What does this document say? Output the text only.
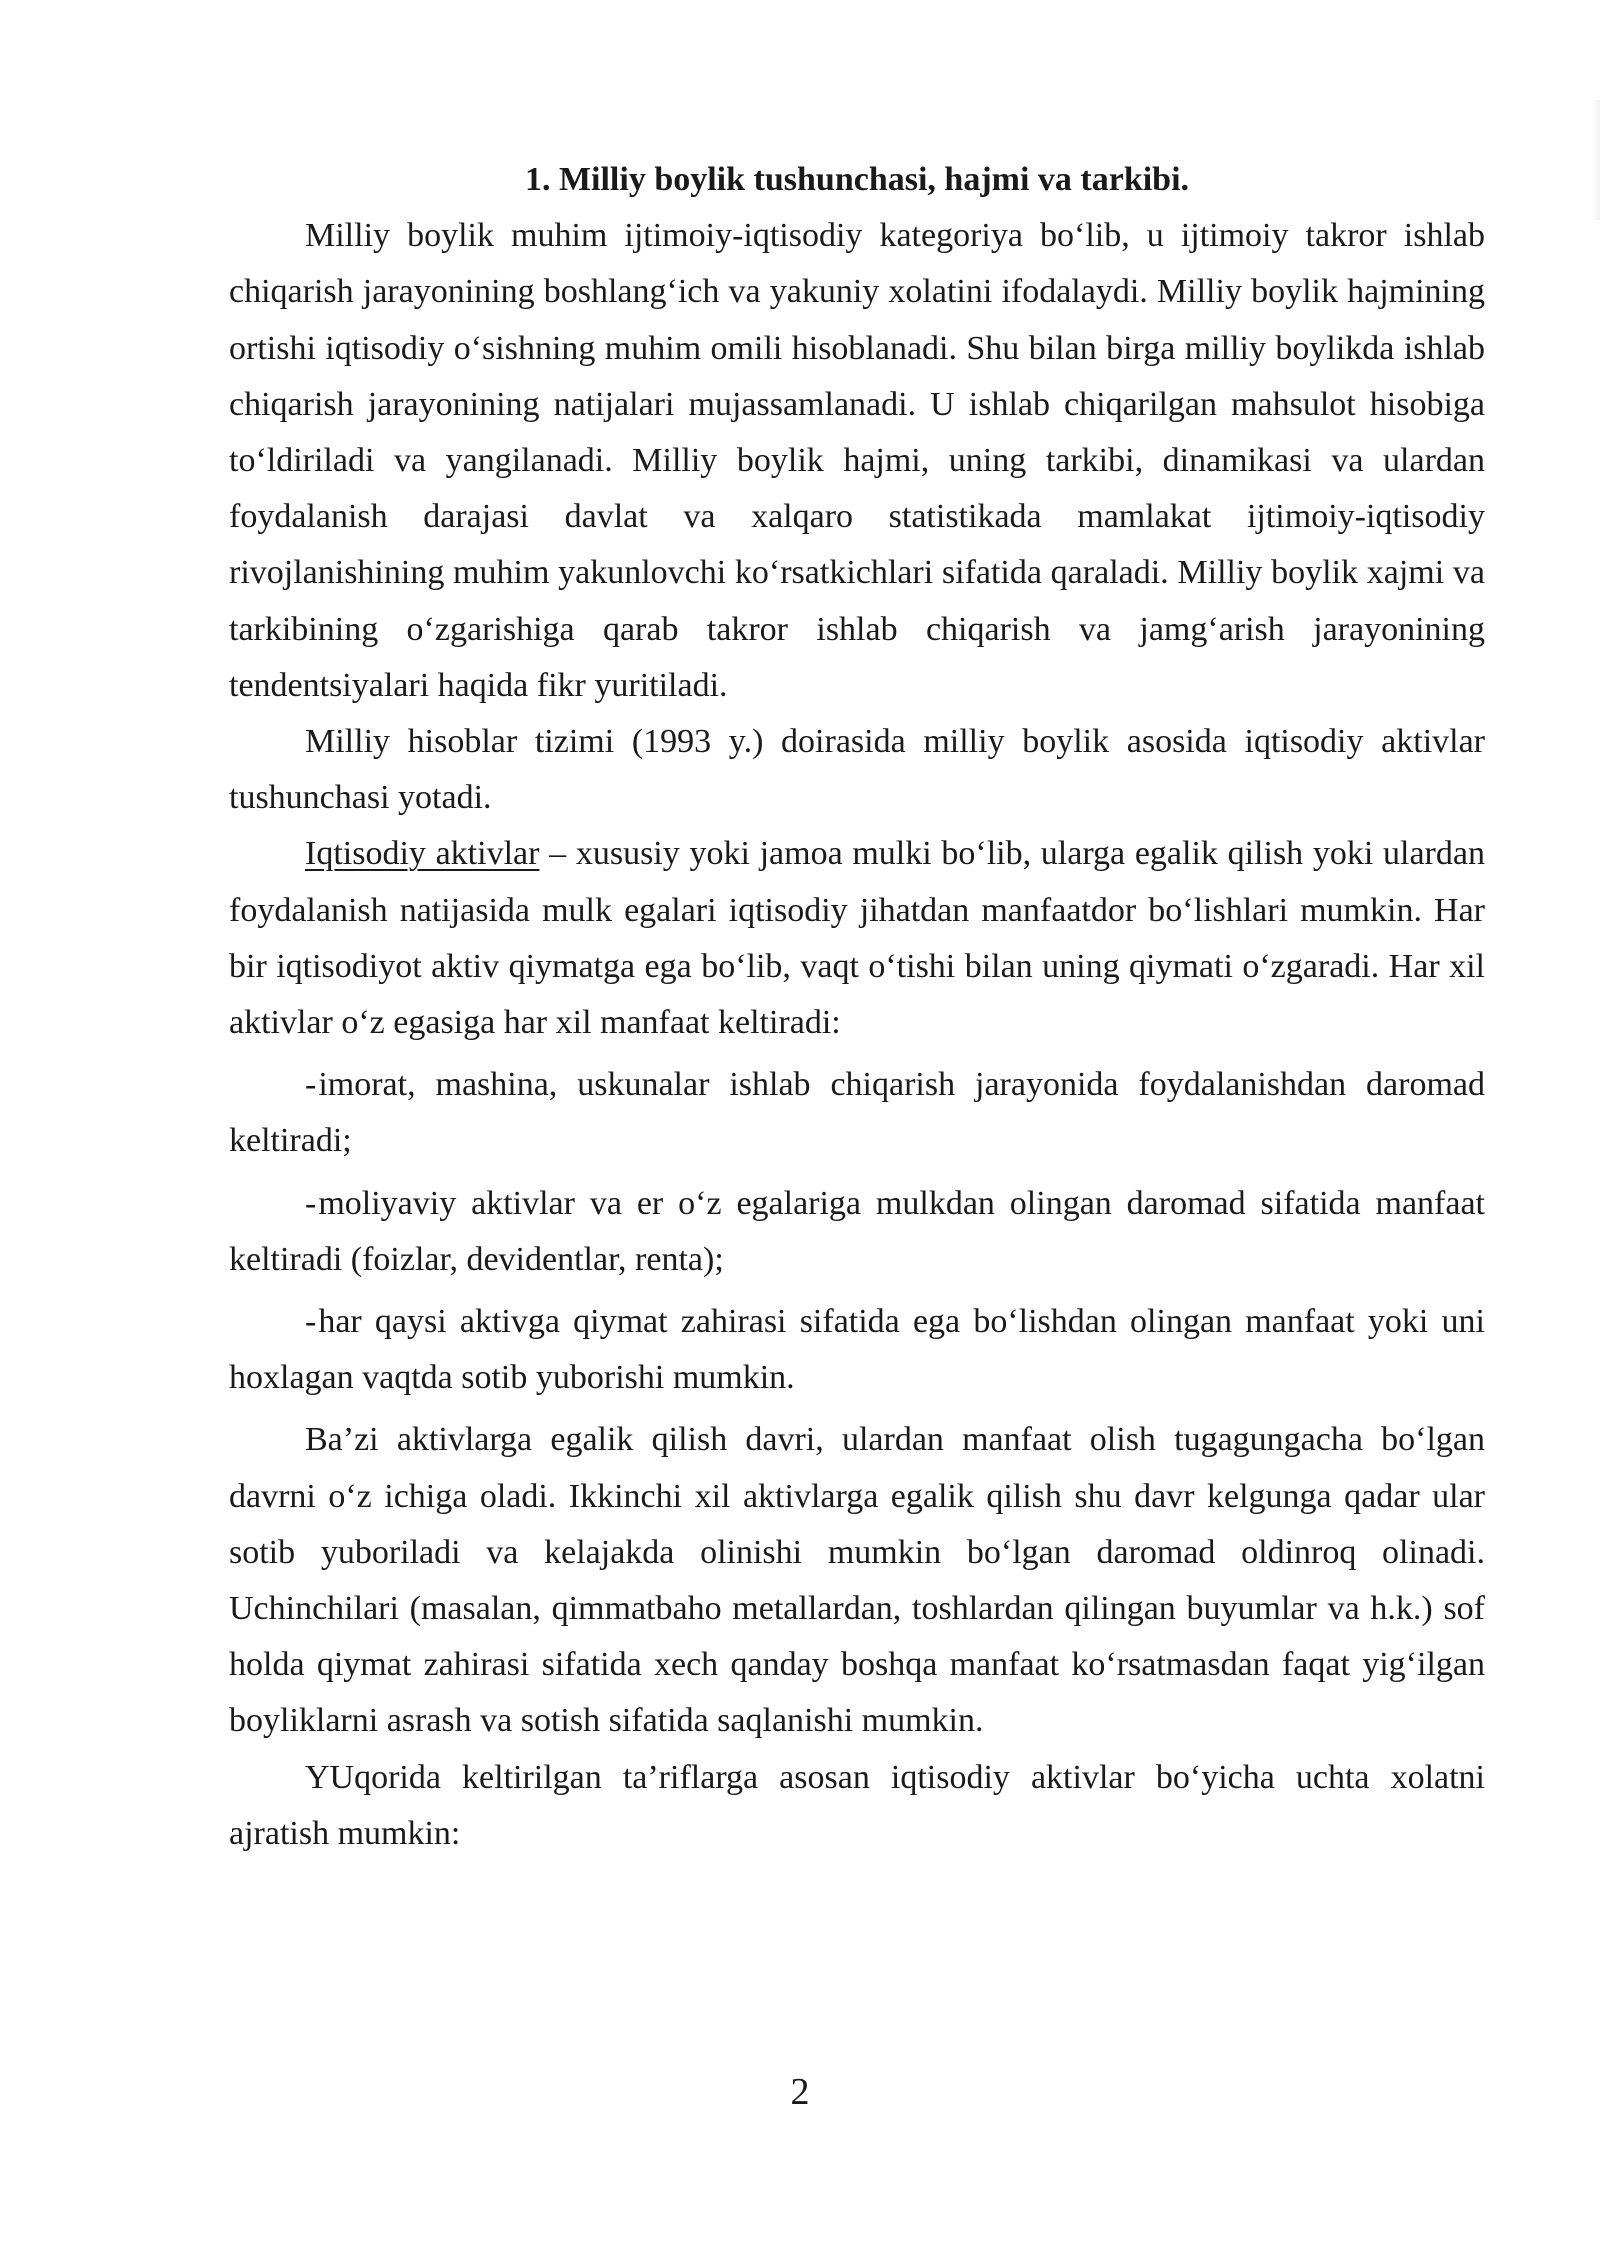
1. Milliy boylik tushunchasi, hajmi va tarkibi.

Milliy boylik muhim ijtimoiy-iqtisodiy kategoriya bo‘lib, u ijtimoiy takror ishlab chiqarish jarayonining boshlang‘ich va yakuniy xolatini ifodalaydi. Milliy boylik hajmining ortishi iqtisodiy o‘sishning muhim omili hisoblanadi. Shu bilan birga milliy boylikda ishlab chiqarish jarayonining natijalari mujassamlanadi. U ishlab chiqarilgan mahsulot hisobiga to‘ldiriladi va yangilanadi. Milliy boylik hajmi, uning tarkibi, dinamikasi va ulardan foydalanish darajasi davlat va xalqaro statistikada mamlakat ijtimoiy-iqtisodiy rivojlanishining muhim yakunlovchi ko‘rsatkichlari sifatida qaraladi. Milliy boylik xajmi va tarkibining o‘zgarishiga qarab takror ishlab chiqarish va jamg‘arish jarayonining tendentsiyalari haqida fikr yuritiladi.

Milliy hisoblar tizimi (1993 y.) doirasida milliy boylik asosida iqtisodiy aktivlar tushunchasi yotadi.

Iqtisodiy aktivlar – xususiy yoki jamoa mulki bo‘lib, ularga egalik qilish yoki ulardan foydalanish natijasida mulk egalari iqtisodiy jihatdan manfaatdor bo‘lishlari mumkin. Har bir iqtisodiyot aktiv qiymatga ega bo‘lib, vaqt o‘tishi bilan uning qiymati o‘zgaradi. Har xil aktivlar o‘z egasiga har xil manfaat keltiradi:

-imorat, mashina, uskunalar ishlab chiqarish jarayonida foydalanishdan daromad keltiradi;

-moliyaviy aktivlar va er o‘z egalariga mulkdan olingan daromad sifatida manfaat keltiradi (foizlar, devidentlar, renta);

-har qaysi aktivga qiymat zahirasi sifatida ega bo‘lishdan olingan manfaat yoki uni hoxlagan vaqtda sotib yuborishi mumkin.

Ba’zi aktivlarga egalik qilish davri, ulardan manfaat olish tugagungacha bo‘lgan davrni o‘z ichiga oladi. Ikkinchi xil aktivlarga egalik qilish shu davr kelgunga qadar ular sotib yuboriladi va kelajakda olinishi mumkin bo‘lgan daromad oldinroq olinadi. Uchinchilari (masalan, qimmatbaho metallardan, toshlardan qilingan buyumlar va h.k.) sof holda qiymat zahirasi sifatida xech qanday boshqa manfaat ko‘rsatmasdan faqat yig‘ilgan boyliklarni asrash va sotish sifatida saqlanishi mumkin.

YUqorida keltirilgan ta’riflarga asosan iqtisodiy aktivlar bo‘yicha uchta xolatni ajratish mumkin:

2
